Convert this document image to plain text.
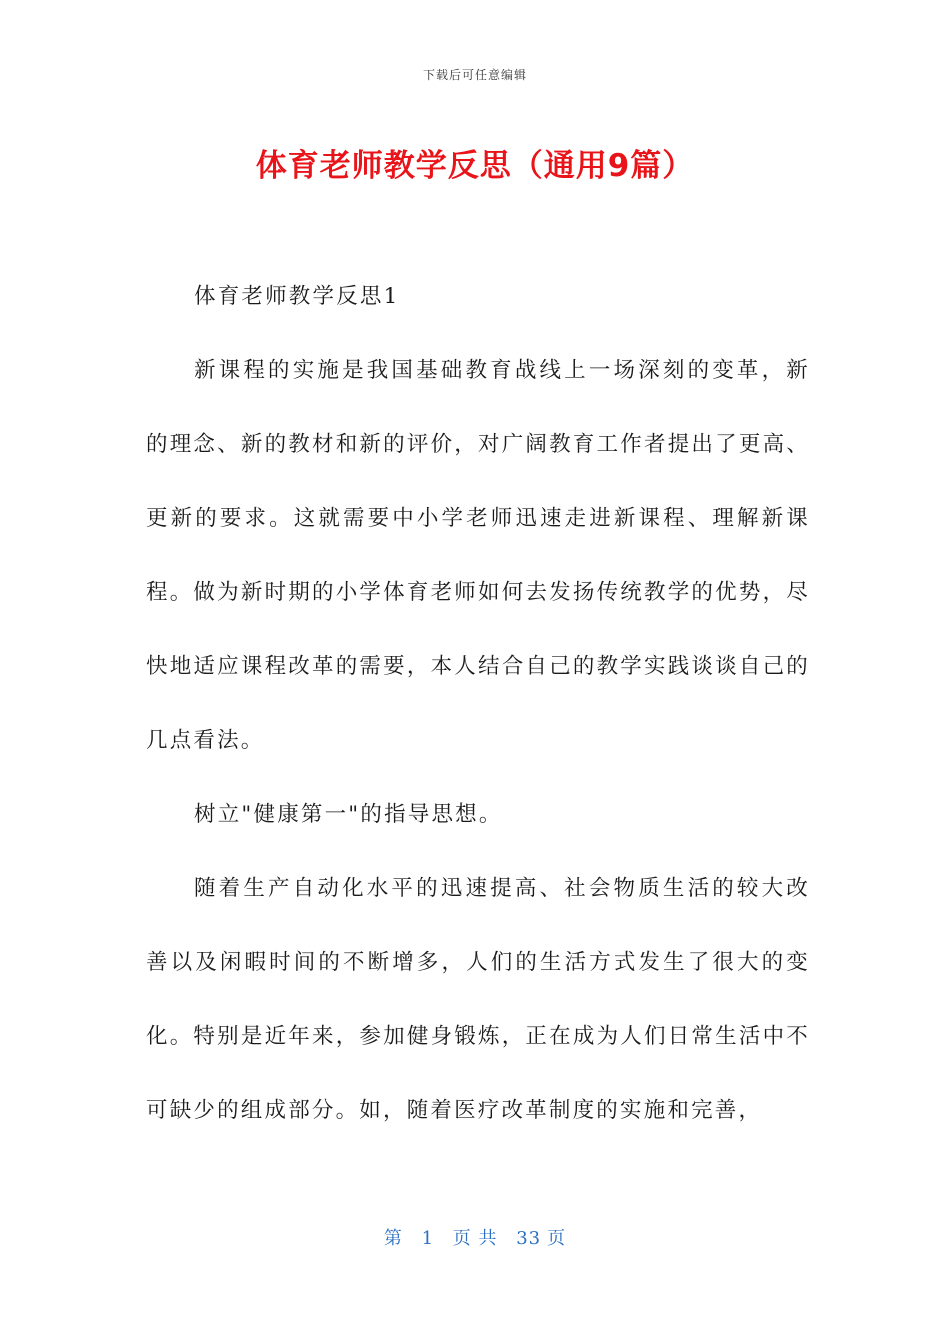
下载后可任意编辑
体育老师教学反思（通用9篇）

体育老师教学反思1

新课程的实施是我国基础教育战线上一场深刻的变革，新的理念、新的教材和新的评价，对广阔教育工作者提出了更高、更新的要求。这就需要中小学老师迅速走进新课程、理解新课程。做为新时期的小学体育老师如何去发扬传统教学的优势，尽快地适应课程改革的需要，本人结合自己的教学实践谈谈自己的几点看法。

树立"健康第一"的指导思想。

随着生产自动化水平的迅速提高、社会物质生活的较大改善以及闲暇时间的不断增多，人们的生活方式发生了很大的变化。特别是近年来，参加健身锻炼，正在成为人们日常生活中不可缺少的组成部分。如，随着医疗改革制度的实施和完善，

第 1 页 共 33 页
